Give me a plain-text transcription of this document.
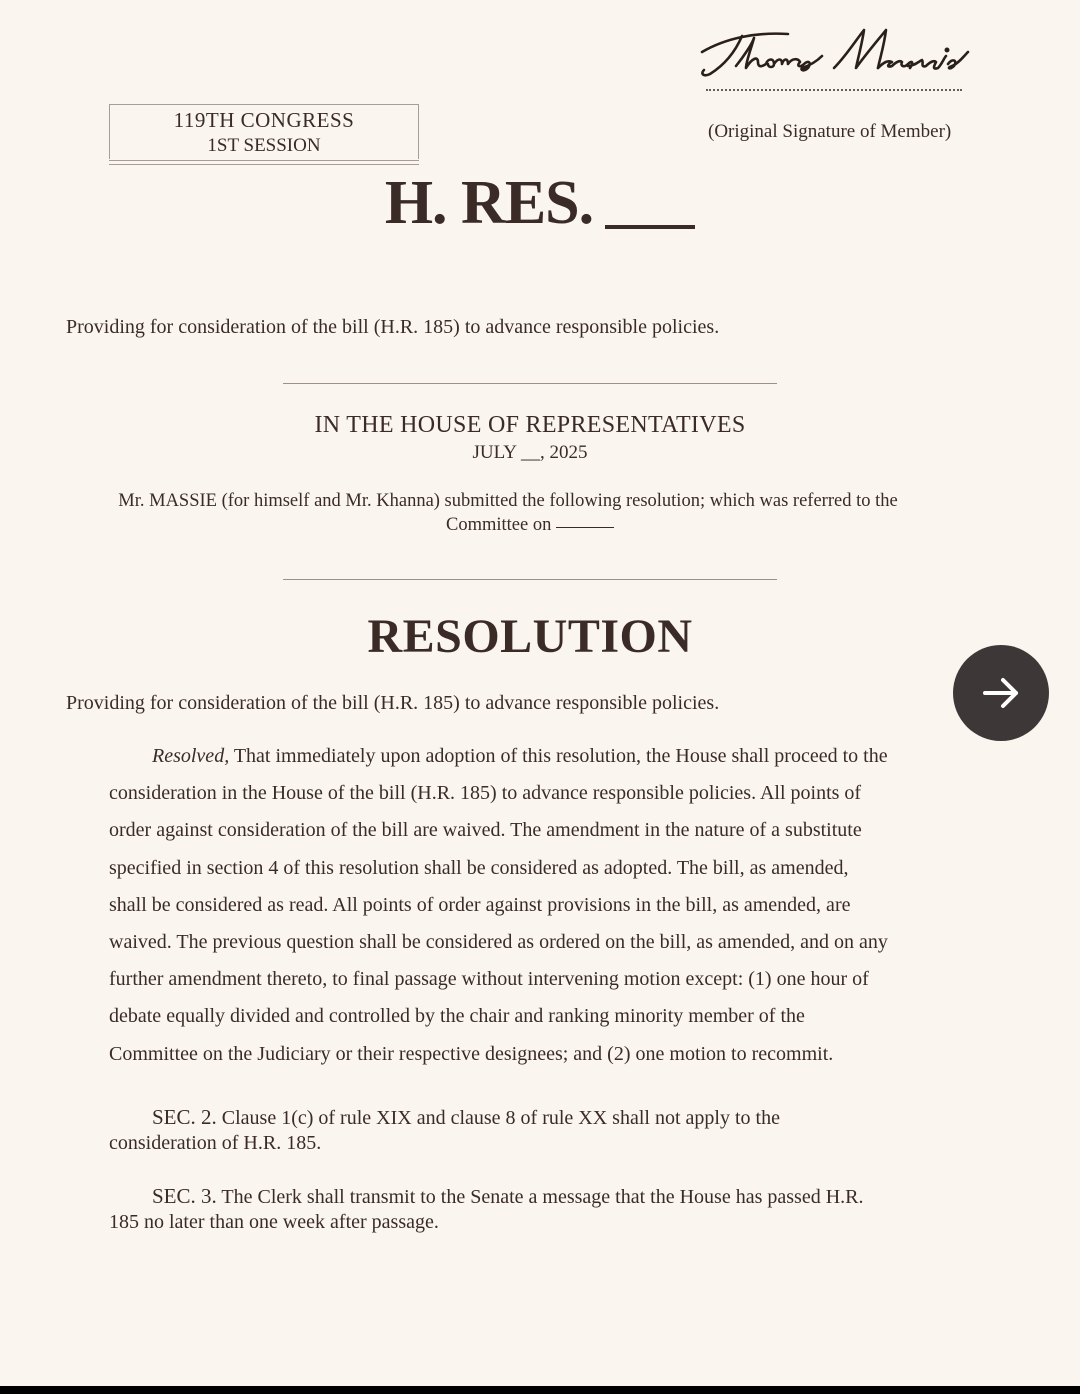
(Original Signature of Member)
119TH CONGRESS
1ST SESSION
H. RES.
Providing for consideration of the bill (H.R. 185) to advance responsible policies.
IN THE HOUSE OF REPRESENTATIVES
JULY __, 2025
Mr. MASSIE (for himself and Mr. Khanna) submitted the following resolution; which was referred to the
Committee on
RESOLUTION
Providing for consideration of the bill (H.R. 185) to advance responsible policies.
Resolved, That immediately upon adoption of this resolution, the House shall proceed to the
consideration in the House of the bill (H.R. 185) to advance responsible policies. All points of
order against consideration of the bill are waived. The amendment in the nature of a substitute
specified in section 4 of this resolution shall be considered as adopted. The bill, as amended,
shall be considered as read. All points of order against provisions in the bill, as amended, are
waived. The previous question shall be considered as ordered on the bill, as amended, and on any
further amendment thereto, to final passage without intervening motion except: (1) one hour of
debate equally divided and controlled by the chair and ranking minority member of the
Committee on the Judiciary or their respective designees; and (2) one motion to recommit.
SEC. 2. Clause 1(c) of rule XIX and clause 8 of rule XX shall not apply to the
consideration of H.R. 185.
SEC. 3. The Clerk shall transmit to the Senate a message that the House has passed H.R.
185 no later than one week after passage.
